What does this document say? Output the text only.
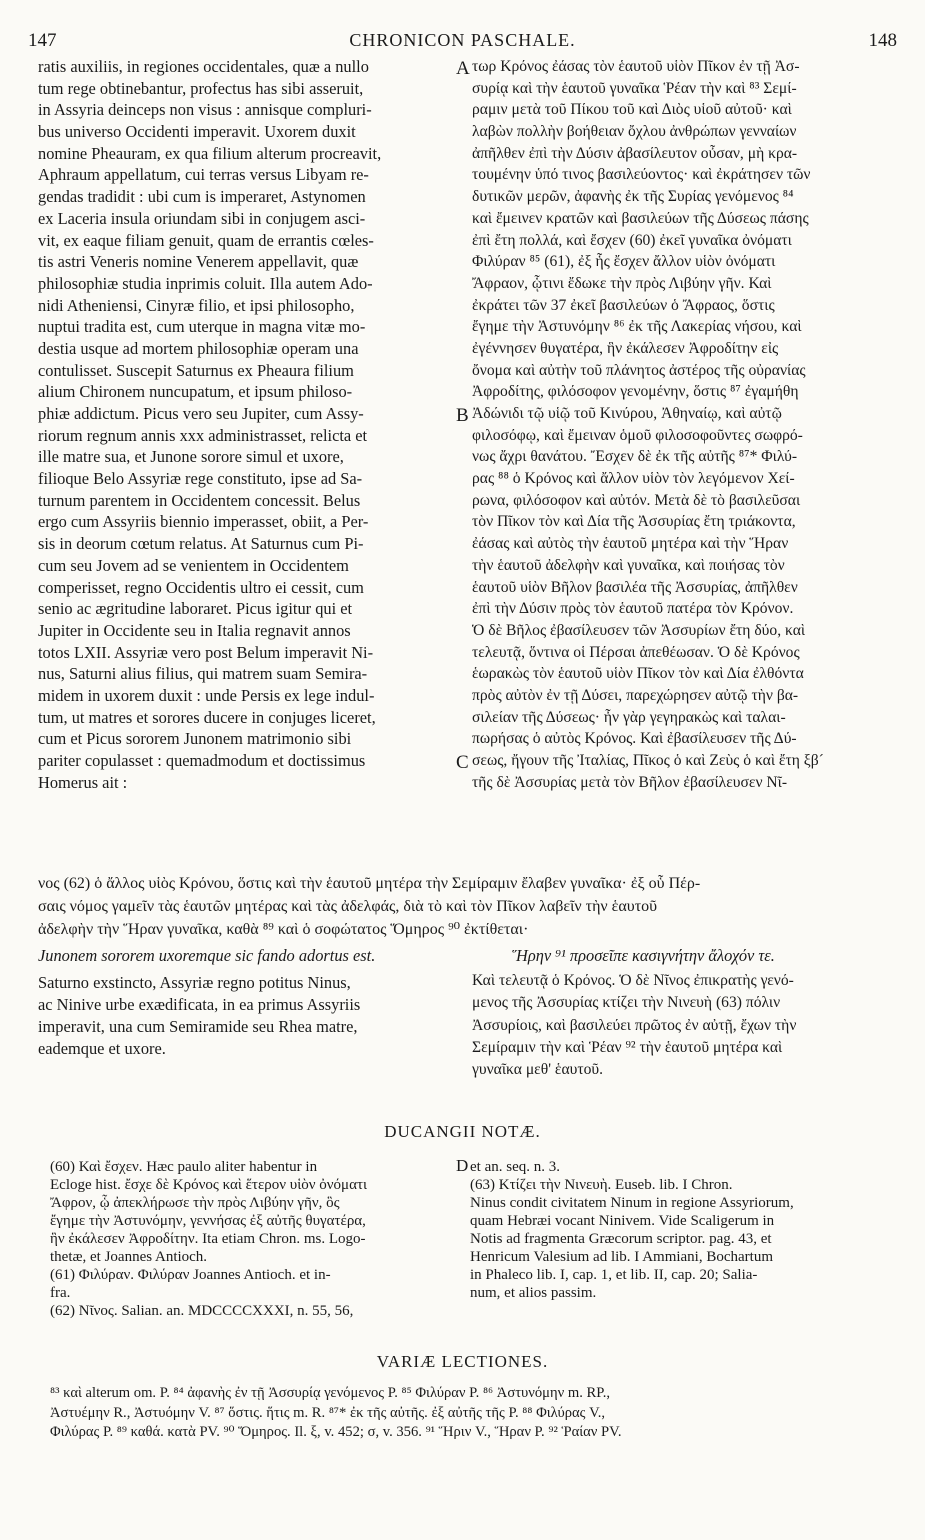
147	CHRONICON PASCHALE.	148
ratis auxiliis, in regiones occidentales, quæ a nullo
tum rege obtinebantur, profectus has sibi asseruit,
in Assyria deinceps non visus : annisque compluri-
bus universo Occidenti imperavit. Uxorem duxit
nomine Pheauram, ex qua filium alterum procreavit,
Aphraum appellatum, cui terras versus Libyam re-
gendas tradidit : ubi cum is imperaret, Astynomen
ex Laceria insula oriundam sibi in conjugem asci-
vit, ex eaque filiam genuit, quam de errantis cœles-
tis astri Veneris nomine Venerem appellavit, quæ
philosophiæ studia inprimis coluit. Illa autem Ado-
nidi Atheniensi, Cinyræ filio, et ipsi philosopho,
nuptui tradita est, cum uterque in magna vitæ mo-
destia usque ad mortem philosophiæ operam una
contulisset. Suscepit Saturnus ex Pheaura filium
alium Chironem nuncupatum, et ipsum philoso-
phiæ addictum. Picus vero seu Jupiter, cum Assy-
riorum regnum annis xxx administrasset, relicta et
ille matre sua, et Junone sorore simul et uxore,
filioque Belo Assyriæ rege constituto, ipse ad Sa-
turnum parentem in Occidentem concessit. Belus
ergo cum Assyriis biennio imperasset, obiit, a Per-
sis in deorum cœtum relatus. At Saturnus cum Pi-
cum seu Jovem ad se venientem in Occidentem
comperisset, regno Occidentis ultro ei cessit, cum
senio ac ægritudine laboraret. Picus igitur qui et
Jupiter in Occidente seu in Italia regnavit annos
totos LXII. Assyriæ vero post Belum imperavit Ni-
nus, Saturni alius filius, qui matrem suam Semira-
midem in uxorem duxit : unde Persis ex lege indul-
tum, ut matres et sorores ducere in conjuges liceret,
cum et Picus sororem Junonem matrimonio sibi
pariter copulasset : quemadmodum et doctissimus
Homerus ait :
A
B
C
τωρ Κρόνος ἐάσας τὸν ἑαυτοῦ υἱὸν Πῖκον ἐν τῇ Ἀσ-
συρίᾳ καὶ τὴν ἑαυτοῦ γυναῖκα Ῥέαν τὴν καὶ ⁸³ Σεμί-
ραμιν μετὰ τοῦ Πίκου τοῦ καὶ Διὸς υἱοῦ αὐτοῦ· καὶ
λαβὼν πολλὴν βοήθειαν ὄχλου ἀνθρώπων γενναίων
ἀπῆλθεν ἐπὶ τὴν Δύσιν ἀβασίλευτον οὖσαν, μὴ κρα-
τουμένην ὑπό τινος βασιλεύοντος· καὶ ἐκράτησεν τῶν
δυτικῶν μερῶν, ἀφανὴς ἐκ τῆς Συρίας γενόμενος ⁸⁴
καὶ ἔμεινεν κρατῶν καὶ βασιλεύων τῆς Δύσεως πάσης
ἐπὶ ἔτη πολλά, καὶ ἔσχεν (60) ἐκεῖ γυναῖκα ὀνόματι
Φιλύραν ⁸⁵ (61), ἐξ ἧς ἔσχεν ἄλλον υἱὸν ὀνόματι
Ἄφραον, ᾧτινι ἔδωκε τὴν πρὸς Λιβύην γῆν. Καὶ
ἐκράτει τῶν 37 ἐκεῖ βασιλεύων ὁ Ἄφραος, ὅστις
ἔγημε τὴν Ἀστυνόμην ⁸⁶ ἐκ τῆς Λακερίας νήσου, καὶ
ἐγέννησεν θυγατέρα, ἣν ἐκάλεσεν Ἀφροδίτην εἰς
ὄνομα καὶ αὐτὴν τοῦ πλάνητος ἀστέρος τῆς οὐρανίας
Ἀφροδίτης, φιλόσοφον γενομένην, ὅστις ⁸⁷ ἐγαμήθη
Ἀδώνιδι τῷ υἱῷ τοῦ Κινύρου, Ἀθηναίῳ, καὶ αὐτῷ
φιλοσόφῳ, καὶ ἔμειναν ὁμοῦ φιλοσοφοῦντες σωφρό-
νως ἄχρι θανάτου. Ἔσχεν δὲ ἐκ τῆς αὐτῆς ⁸⁷* Φιλύ-
ρας ⁸⁸ ὁ Κρόνος καὶ ἄλλον υἱὸν τὸν λεγόμενον Χεί-
ρωνα, φιλόσοφον καὶ αὐτόν. Μετὰ δὲ τὸ βασιλεῦσαι
τὸν Πῖκον τὸν καὶ Δία τῆς Ἀσσυρίας ἔτη τριάκοντα,
ἐάσας καὶ αὐτὸς τὴν ἑαυτοῦ μητέρα καὶ τὴν Ἥραν
τὴν ἑαυτοῦ ἀδελφὴν καὶ γυναῖκα, καὶ ποιήσας τὸν
ἑαυτοῦ υἱὸν Βῆλον βασιλέα τῆς Ἀσσυρίας, ἀπῆλθεν
ἐπὶ τὴν Δύσιν πρὸς τὸν ἑαυτοῦ πατέρα τὸν Κρόνον.
Ὁ δὲ Βῆλος ἐβασίλευσεν τῶν Ἀσσυρίων ἔτη δύο, καὶ
τελευτᾷ, ὅντινα οἱ Πέρσαι ἀπεθέωσαν. Ὁ δὲ Κρόνος
ἑωρακὼς τὸν ἑαυτοῦ υἱὸν Πῖκον τὸν καὶ Δία ἐλθόντα
πρὸς αὐτὸν ἐν τῇ Δύσει, παρεχώρησεν αὐτῷ τὴν βα-
σιλείαν τῆς Δύσεως· ἦν γὰρ γεγηρακὼς καὶ ταλαι-
πωρήσας ὁ αὐτὸς Κρόνος. Καὶ ἐβασίλευσεν τῆς Δύ-
σεως, ἤγουν τῆς Ἰταλίας, Πῖκος ὁ καὶ Ζεὺς ὁ καὶ ἔτη ξβ´
τῆς δὲ Ἀσσυρίας μετὰ τὸν Βῆλον ἐβασίλευσεν Νῖ-
νος (62) ὁ ἄλλος υἱὸς Κρόνου, ὅστις καὶ τὴν ἑαυτοῦ μητέρα τὴν Σεμίραμιν ἔλαβεν γυναῖκα· ἐξ οὗ Πέρ-
σαις νόμος γαμεῖν τὰς ἑαυτῶν μητέρας καὶ τὰς ἀδελφάς, διὰ τὸ καὶ τὸν Πῖκον λαβεῖν τὴν ἑαυτοῦ
ἀδελφὴν τὴν Ἥραν γυναῖκα, καθὰ ⁸⁹ καὶ ὁ σοφώτατος Ὅμηρος ⁹⁰ ἐκτίθεται·
Junonem sororem uxoremque sic fando adortus est.	Ἥρην ⁹¹ προσεῖπε κασιγνήτην ἄλοχόν τε.
Saturno exstincto, Assyriæ regno potitus Ninus,
ac Ninive urbe exædificata, in ea primus Assyriis
imperavit, una cum Semiramide seu Rhea matre,
eademque et uxore.
Καὶ τελευτᾷ ὁ Κρόνος. Ὁ δὲ Νῖνος ἐπικρατὴς γενό-
μενος τῆς Ἀσσυρίας κτίζει τὴν Νινευὴ (63) πόλιν
Ἀσσυρίοις, καὶ βασιλεύει πρῶτος ἐν αὐτῇ, ἔχων τὴν
Σεμίραμιν τὴν καὶ Ῥέαν ⁹² τὴν ἑαυτοῦ μητέρα καὶ
γυναῖκα μεθ' ἑαυτοῦ.
DUCANGII NOTÆ.
(60) Καὶ ἔσχεν. Hæc paulo aliter habentur in
Ecloge hist. ἔσχε δὲ Κρόνος καὶ ἕτερον υἱὸν ὀνόματι
Ἄφρον, ᾧ ἀπεκλήρωσε τὴν πρὸς Λιβύην γῆν, ὃς
ἔγημε τὴν Ἀστυνόμην, γεννήσας ἐξ αὐτῆς θυγατέρα,
ἣν ἐκάλεσεν Ἀφροδίτην. Ita etiam Chron. ms. Logo-
thetæ, et Joannes Antioch.
(61) Φιλύραν. Φιλύραν Joannes Antioch. et in-
fra.
(62) Νῖνος. Salian. an. MDCCCCXXXI, n. 55, 56,
D et an. seq. n. 3.
(63) Κτίζει τὴν Νινευὴ. Euseb. lib. I Chron.
Ninus condit civitatem Ninum in regione Assyriorum,
quam Hebræi vocant Ninivem. Vide Scaligerum in
Notis ad fragmenta Græcorum scriptor. pag. 43, et
Henricum Valesium ad lib. I Ammiani, Bochartum
in Phaleco lib. I, cap. 1, et lib. II, cap. 20; Salia-
num, et alios passim.
VARIÆ LECTIONES.
⁸³ καὶ alterum om. P. ⁸⁴ ἀφανὴς ἐν τῇ Ἀσσυρίᾳ γενόμενος P. ⁸⁵ Φιλύραν P. ⁸⁶ Ἀστυνόμην m. RP.,
Ἀστυέμην R., Ἀστυόμην V. ⁸⁷ ὅστις. ἥτις m. R. ⁸⁷* ἐκ τῆς αὐτῆς. ἐξ αὐτῆς τῆς P. ⁸⁸ Φιλύρας V.,
Φιλύρας P. ⁸⁹ καθά. κατὰ PV. ⁹⁰ Ὅμηρος. Il. ξ, v. 452; σ, v. 356. ⁹¹ Ἥριν V., Ἥραν P. ⁹² Ῥαίαν PV.
